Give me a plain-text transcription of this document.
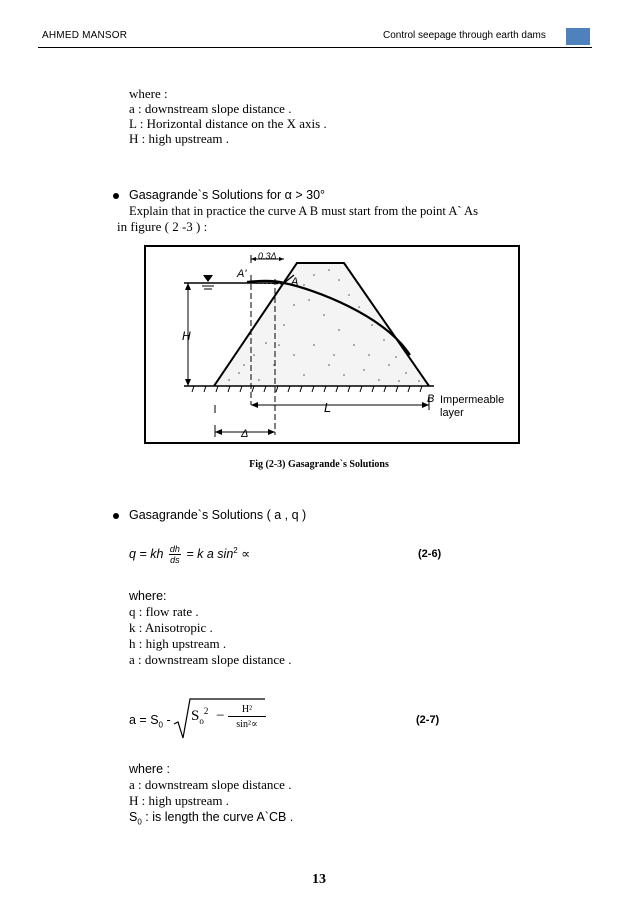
AHMED MANSOR	Control seepage through earth dams
where :
a : downstream slope distance .
L : Horizontal distance on the X axis .
H : high upstream .
Gasagrande`s Solutions for α > 30°
Explain that in practice the curve A B must start from the point A` As
in figure ( 2 -3 ) :
0.3Δ
A'
A
H
B
L
Δ
Impermeable
layer
Fig (2-3) Gasagrande`s Solutions
Gasagrande`s Solutions ( a , q )
q = kh $\frac{dh}{ds} = k$ a $\sin^2$ ∝	(2-6)
where:
q : flow rate .
k : Anisotropic .
h : high upstream .
a : downstream slope distance .
$a = S_0 - S_o^2 - \frac{\text{H²}}{\text{sin²∝}}$	(2-7)
where :
a : downstream slope distance .
H : high upstream .
$S_0$ : is length the curve A`CB .
13
